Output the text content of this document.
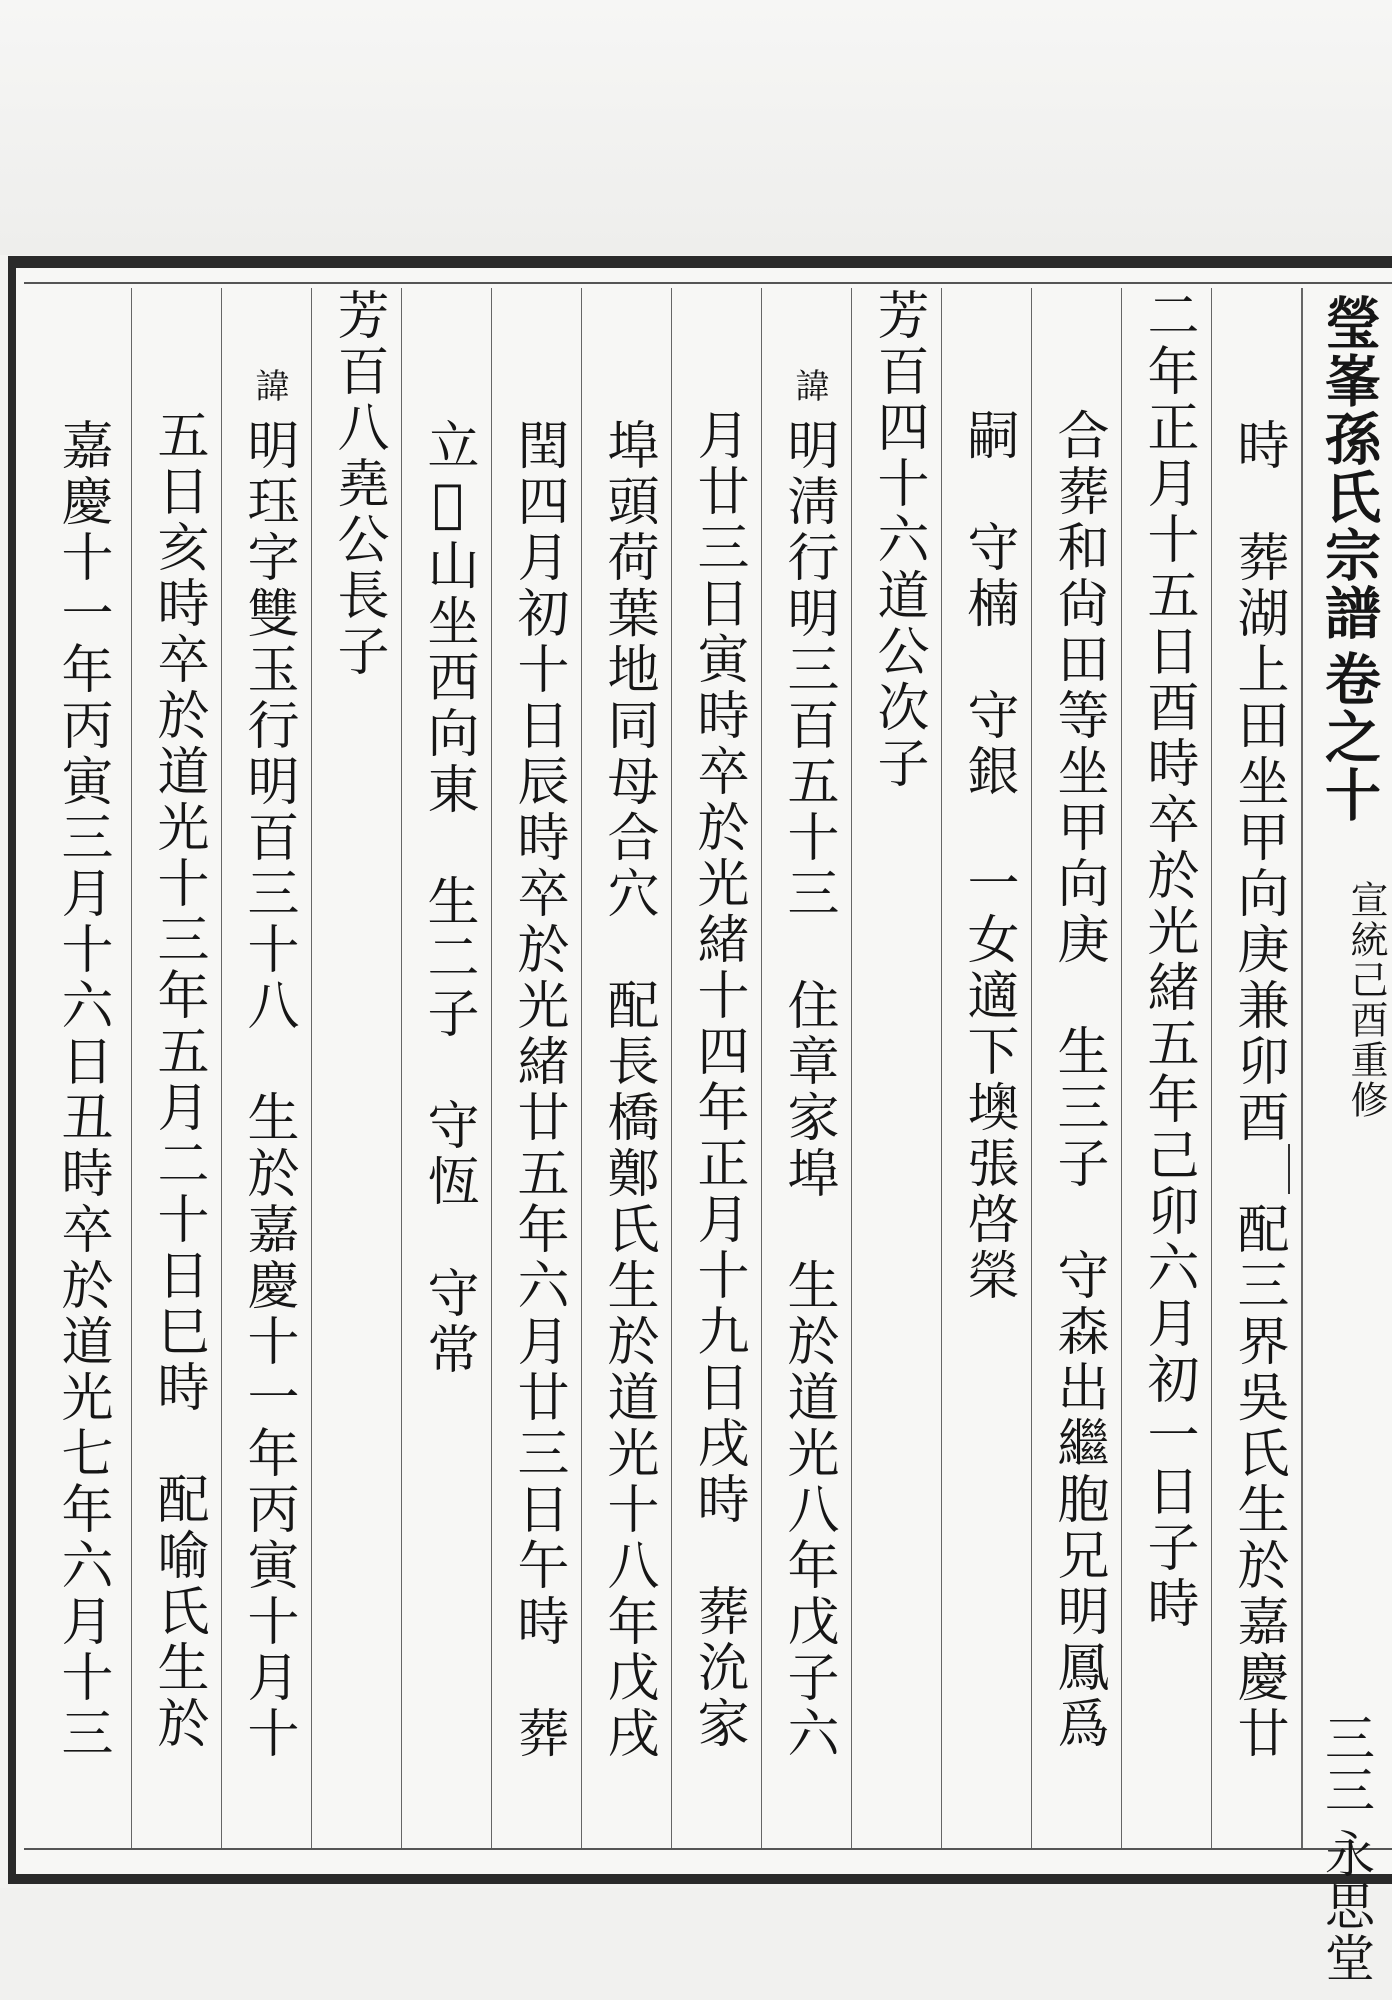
瑩峯孫氏宗譜
卷之十
宣統己酉重修
三三
永思堂
時　葬湖上田坐甲向庚兼卯酉　配三界吳氏生於嘉慶廿
二年正月十五日酉時卒於光緒五年己卯六月初一日子時
合葬和尙田等坐甲向庚　生三子　守森出繼胞兄明鳳爲
嗣　守楠　守銀　一女適下墺張啓榮
芳百四十六道公次子
諱
明淸行明三百五十三　住章家埠　生於道光八年戊子六
月廿三日寅時卒於光緒十四年正月十九日戌時　葬沇家
埠頭荷葉地同母合穴　配長橋鄭氏生於道光十八年戊戌
閏四月初十日辰時卒於光緒廿五年六月廿三日午時　葬
立𣗥山坐西向東　生二子　守恆　守常
芳百八堯公長子
諱
明珏字雙玉行明百三十八　生於嘉慶十一年丙寅十月十
五日亥時卒於道光十三年五月二十日巳時　配喻氏生於
嘉慶十一年丙寅三月十六日丑時卒於道光七年六月十三
